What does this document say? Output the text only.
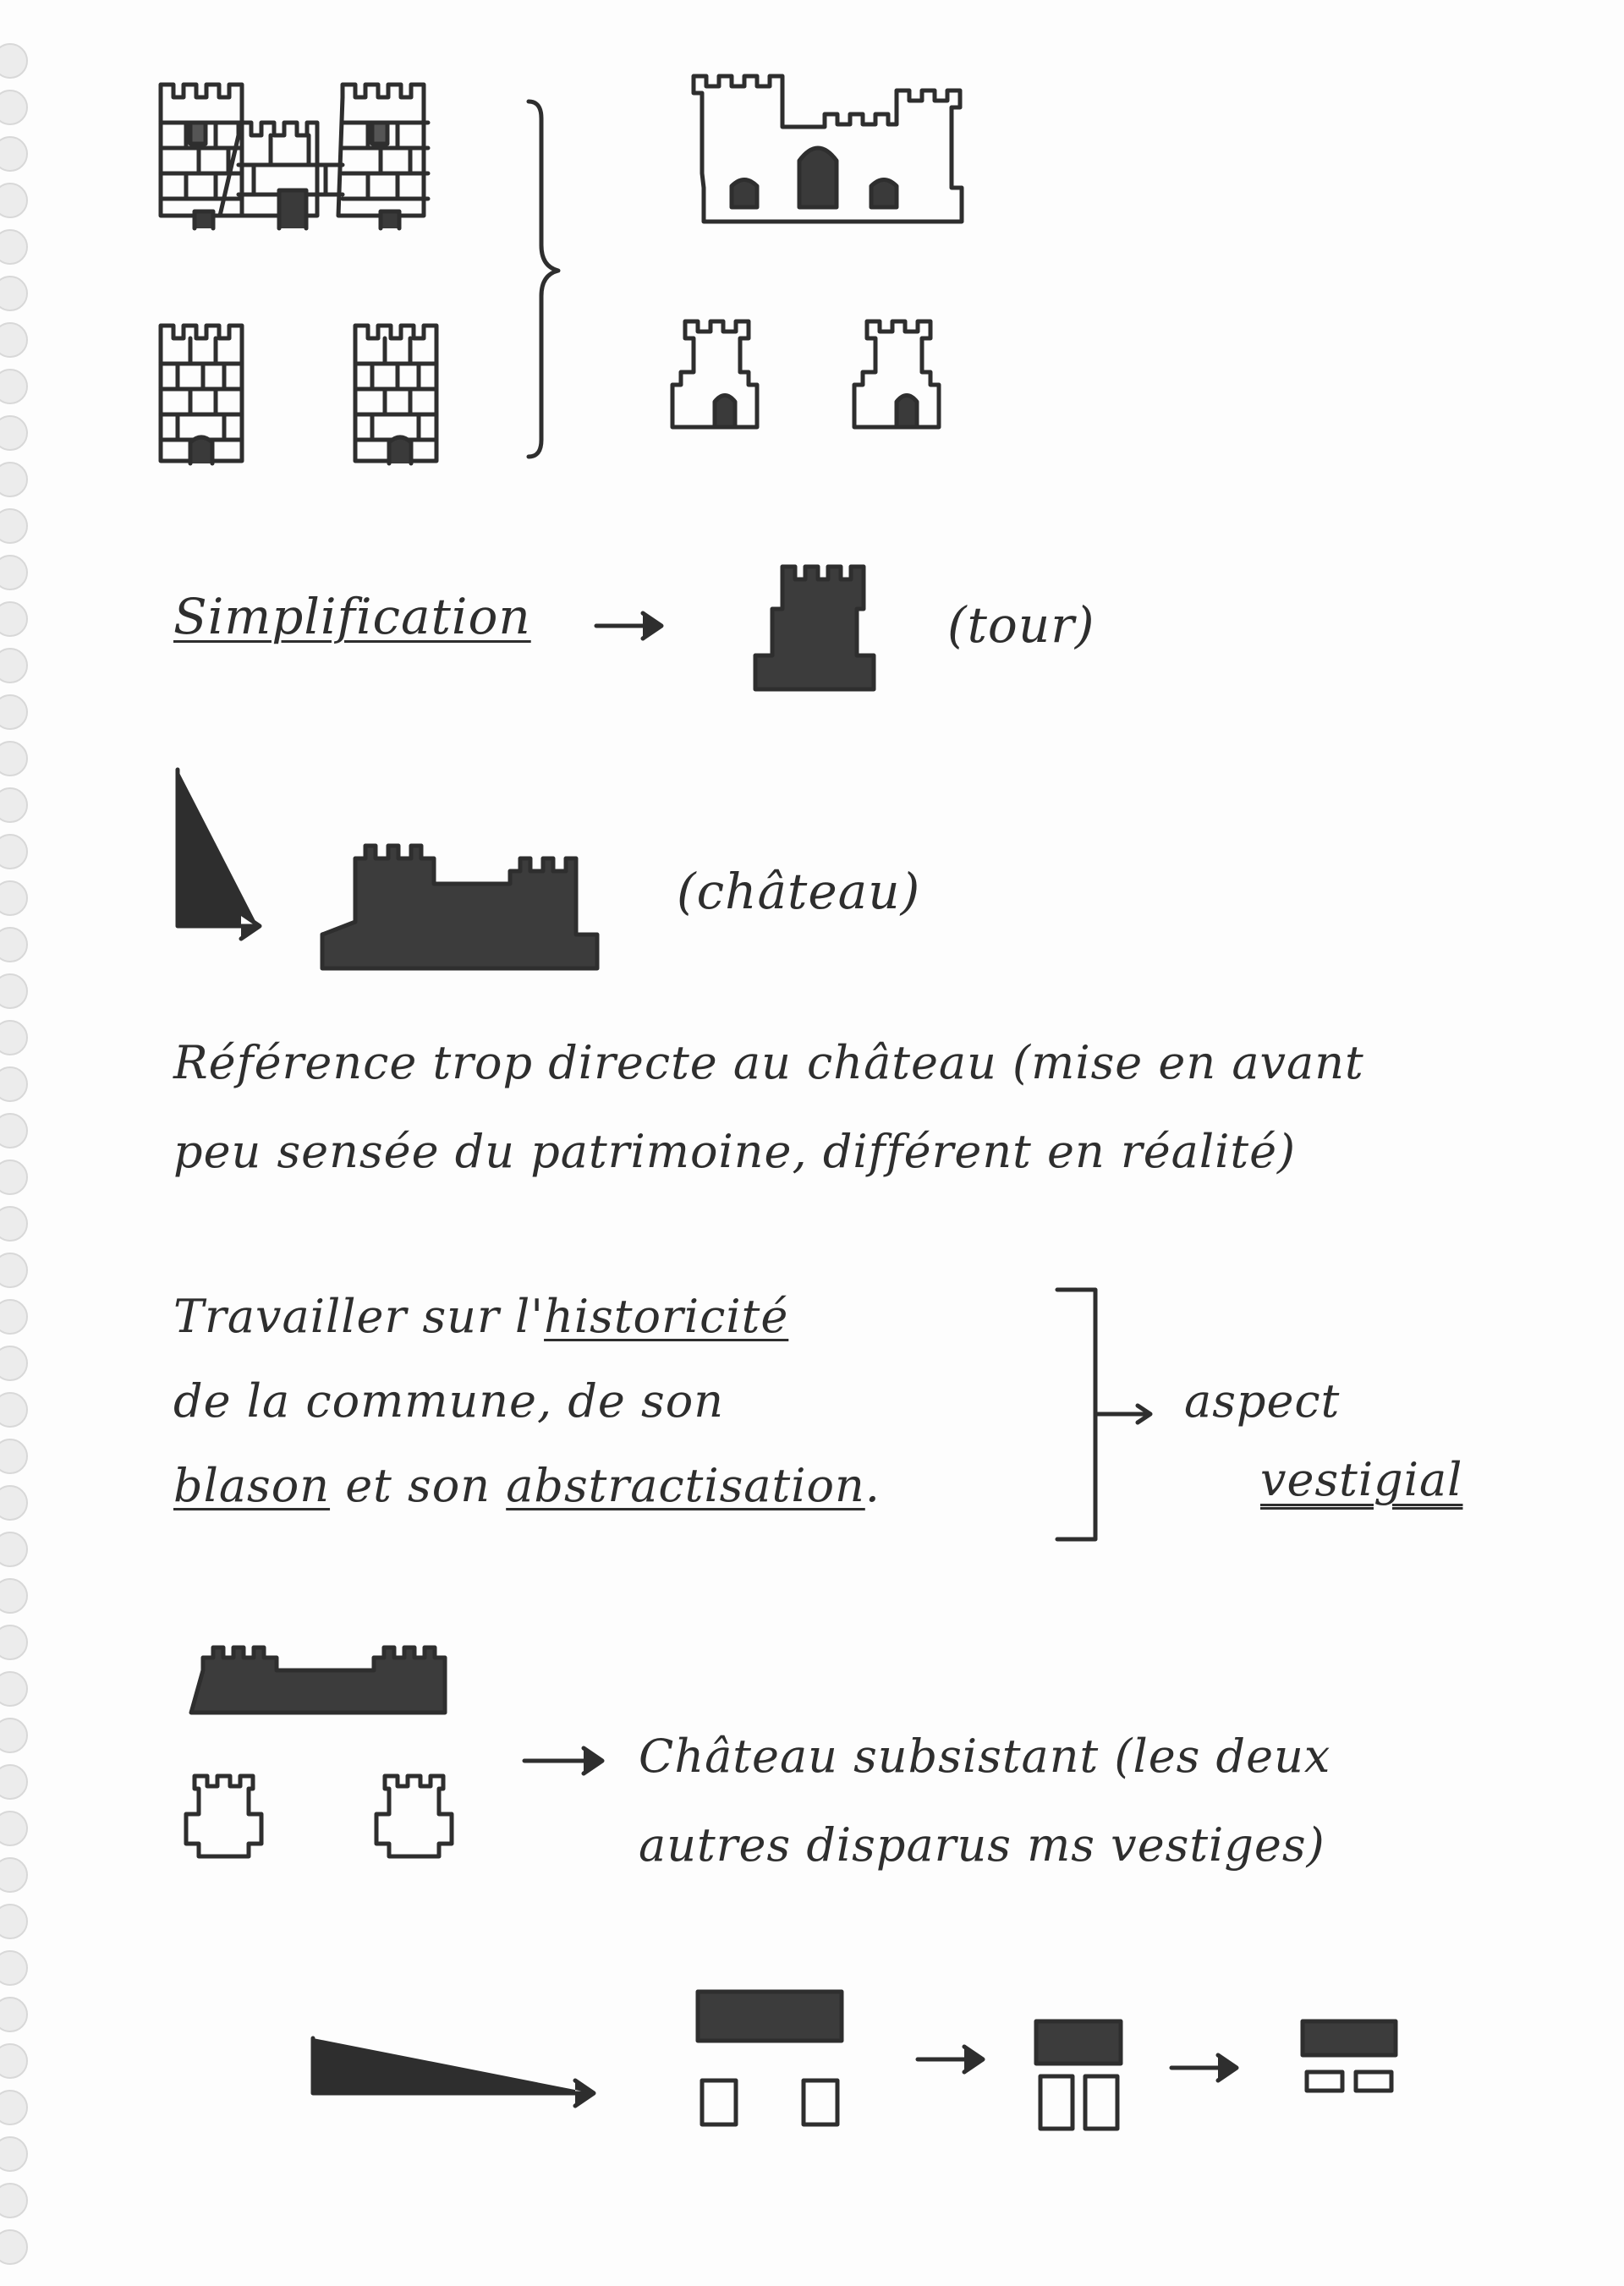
Simplification	(tour)
(château)
Référence trop directe au château (mise en avant
peu sensée du patrimoine, différent en réalité)
Travailler sur l'historicité
de la commune, de son
blason et son abstractisation.
aspect
vestigial
Château subsistant (les deux
autres disparus ms vestiges)
